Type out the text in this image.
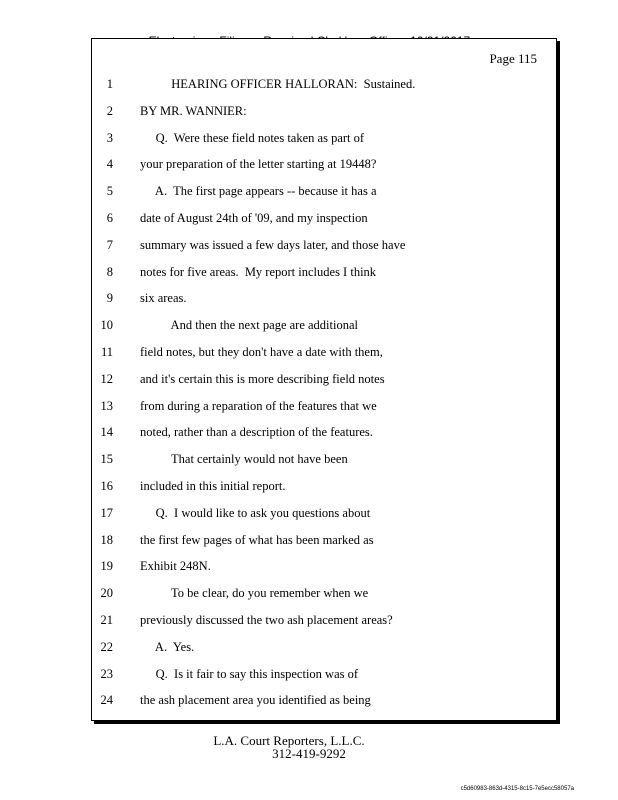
Page 115
1 HEARING OFFICER HALLORAN:  Sustained.
2 BY MR. WANNIER:
3 Q.  Were these field notes taken as part of
4 your preparation of the letter starting at 19448?
5 A.  The first page appears -- because it has a
6 date of August 24th of '09, and my inspection
7 summary was issued a few days later, and those have
8 notes for five areas.  My report includes I think
9 six areas.
10 And then the next page are additional
11 field notes, but they don't have a date with them,
12 and it's certain this is more describing field notes
13 from during a reparation of the features that we
14 noted, rather than a description of the features.
15 That certainly would not have been
16 included in this initial report.
17 Q.  I would like to ask you questions about
18 the first few pages of what has been marked as
19 Exhibit 248N.
20 To be clear, do you remember when we
21 previously discussed the two ash placement areas?
22 A.  Yes.
23 Q.  Is it fair to say this inspection was of
24 the ash placement area you identified as being
L.A. Court Reporters, L.L.C.
312-419-9292
c5d60983-863d-4315-8c15-7e5ecc58057a
